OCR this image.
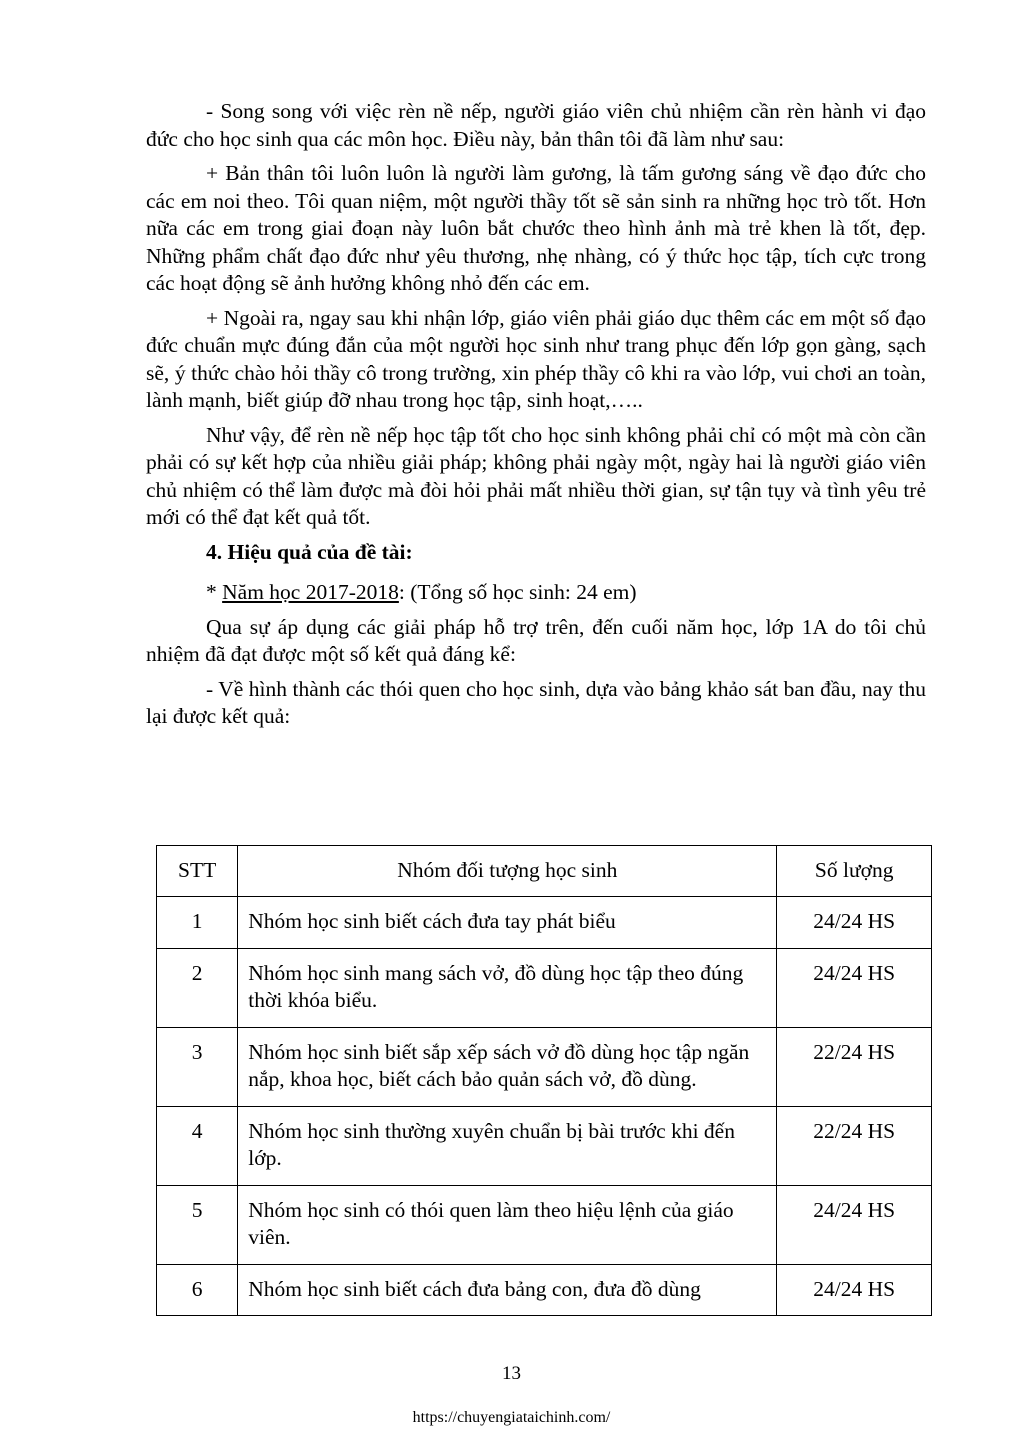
- Song song với việc rèn nề nếp, người giáo viên chủ nhiệm cần rèn hành vi đạo đức cho học sinh qua các môn học. Điều này, bản thân tôi đã làm như sau:

+ Bản thân tôi luôn luôn là người làm gương, là tấm gương sáng về đạo đức cho các em noi theo. Tôi quan niệm, một người thầy tốt sẽ sản sinh ra những học trò tốt. Hơn nữa các em trong giai đoạn này luôn bắt chước theo hình ảnh mà trẻ khen là tốt, đẹp. Những phẩm chất đạo đức như yêu thương, nhẹ nhàng, có ý thức học tập, tích cực trong các hoạt động sẽ ảnh hưởng không nhỏ đến các em.

+ Ngoài ra, ngay sau khi nhận lớp, giáo viên phải giáo dục thêm các em một số đạo đức chuẩn mực đúng đắn của một người học sinh như trang phục đến lớp gọn gàng, sạch sẽ, ý thức chào hỏi thầy cô trong trường, xin phép thầy cô khi ra vào lớp, vui chơi an toàn, lành mạnh, biết giúp đỡ nhau trong học tập, sinh hoạt,…..

Như vậy, để rèn nề nếp học tập tốt cho học sinh không phải chỉ có một mà còn cần phải có sự kết hợp của nhiều giải pháp; không phải ngày một, ngày hai là người giáo viên chủ nhiệm có thể làm được mà đòi hỏi phải mất nhiều thời gian, sự tận tụy và tình yêu trẻ mới có thể đạt kết quả tốt.

4. Hiệu quả của đề tài:

* Năm học 2017-2018: (Tổng số học sinh: 24 em)

Qua sự áp dụng các giải pháp hỗ trợ trên, đến cuối năm học, lớp 1A do tôi chủ nhiệm đã đạt được một số kết quả đáng kể:

- Về hình thành các thói quen cho học sinh, dựa vào bảng khảo sát ban đầu, nay thu lại được kết quả:

STT	Nhóm đối tượng học sinh	Số lượng
1	Nhóm học sinh biết cách đưa tay phát biểu	24/24 HS
2	Nhóm học sinh mang sách vở, đồ dùng học tập theo đúng thời khóa biểu.	24/24 HS
3	Nhóm học sinh biết sắp xếp sách vở đồ dùng học tập ngăn nắp, khoa học, biết cách bảo quản sách vở, đồ dùng.	22/24 HS
4	Nhóm học sinh thường xuyên chuẩn bị bài trước khi đến lớp.	22/24 HS
5	Nhóm học sinh có thói quen làm theo hiệu lệnh của giáo viên.	24/24 HS
6	Nhóm học sinh biết cách đưa bảng con, đưa đồ dùng	24/24 HS
13
https://chuyengiataichinh.com/
